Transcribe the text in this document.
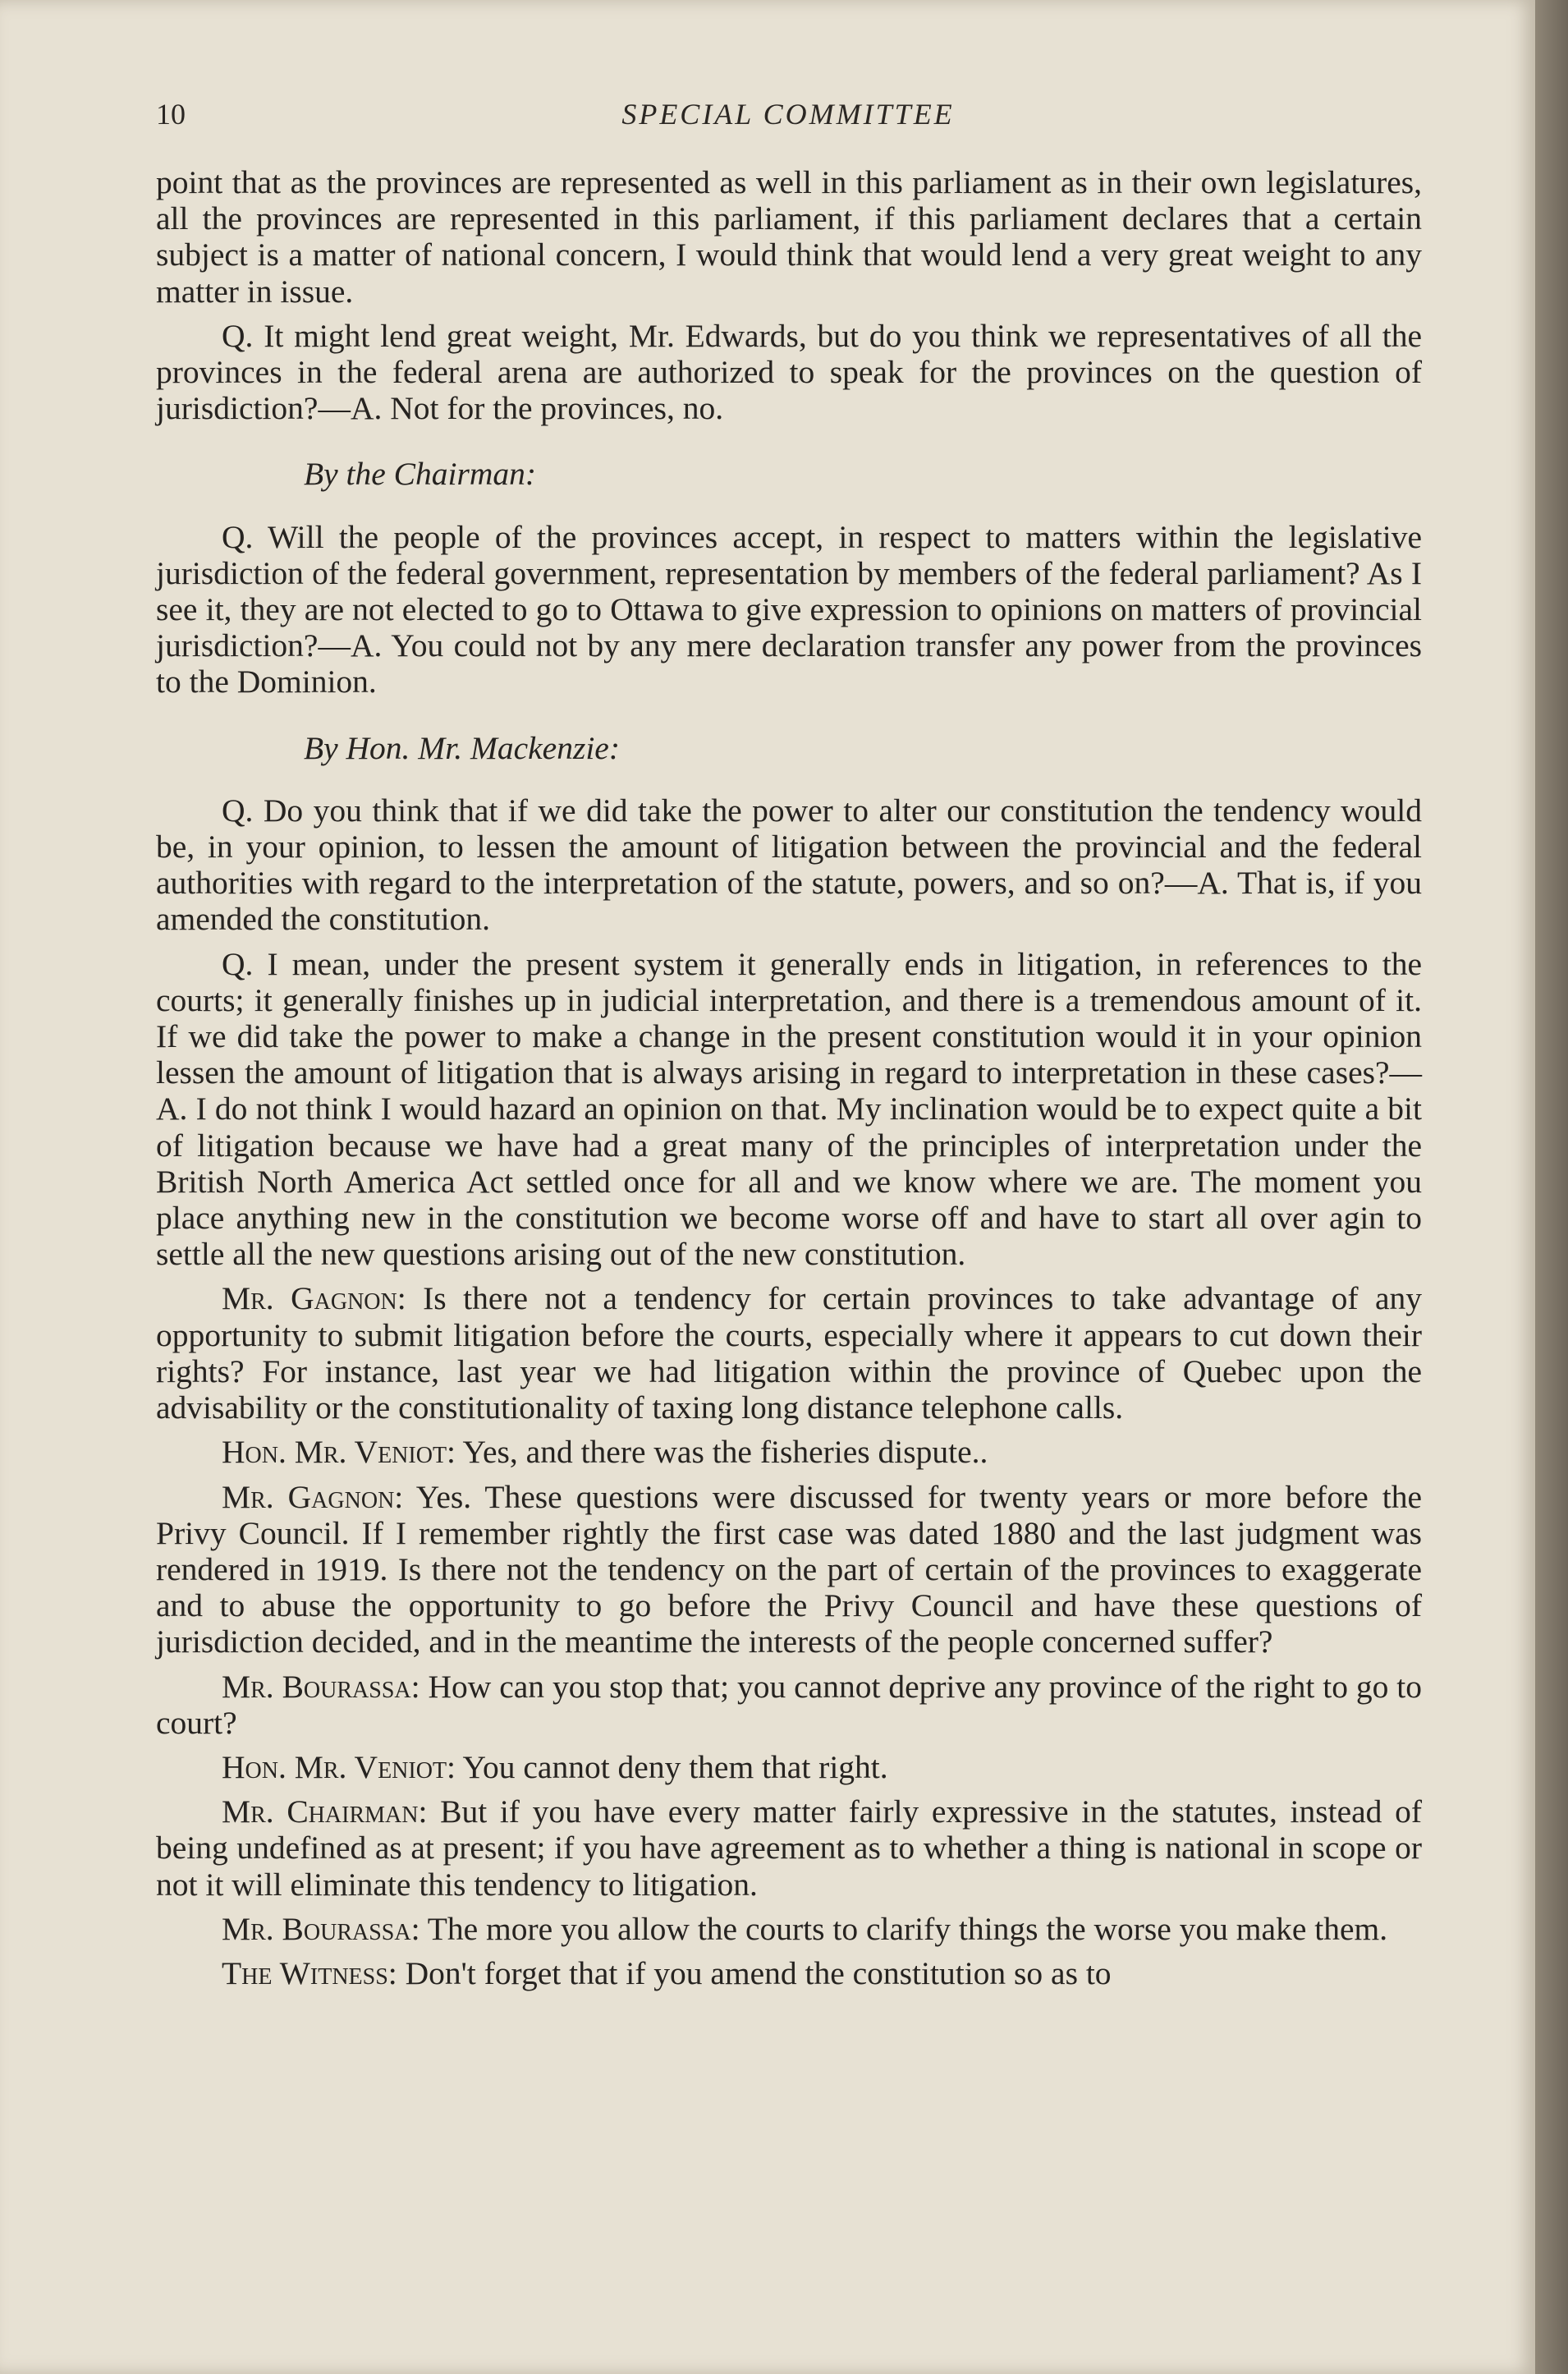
10	SPECIAL COMMITTEE

point that as the provinces are represented as well in this parliament as in their own legislatures, all the provinces are represented in this parliament, if this parliament declares that a certain subject is a matter of national concern, I would think that would lend a very great weight to any matter in issue.

Q. It might lend great weight, Mr. Edwards, but do you think we representatives of all the provinces in the federal arena are authorized to speak for the provinces on the question of jurisdiction?—A. Not for the provinces, no.

By the Chairman:

Q. Will the people of the provinces accept, in respect to matters within the legislative jurisdiction of the federal government, representation by members of the federal parliament? As I see it, they are not elected to go to Ottawa to give expression to opinions on matters of provincial jurisdiction?—A. You could not by any mere declaration transfer any power from the provinces to the Dominion.

By Hon. Mr. Mackenzie:

Q. Do you think that if we did take the power to alter our constitution the tendency would be, in your opinion, to lessen the amount of litigation between the provincial and the federal authorities with regard to the interpretation of the statute, powers, and so on?—A. That is, if you amended the constitution.

Q. I mean, under the present system it generally ends in litigation, in references to the courts; it generally finishes up in judicial interpretation, and there is a tremendous amount of it. If we did take the power to make a change in the present constitution would it in your opinion lessen the amount of litigation that is always arising in regard to interpretation in these cases?—A. I do not think I would hazard an opinion on that. My inclination would be to expect quite a bit of litigation because we have had a great many of the principles of interpretation under the British North America Act settled once for all and we know where we are. The moment you place anything new in the constitution we become worse off and have to start all over agin to settle all the new questions arising out of the new constitution.

Mr. Gagnon: Is there not a tendency for certain provinces to take advantage of any opportunity to submit litigation before the courts, especially where it appears to cut down their rights? For instance, last year we had litigation within the province of Quebec upon the advisability or the constitutionality of taxing long distance telephone calls.

Hon. Mr. Veniot: Yes, and there was the fisheries dispute..

Mr. Gagnon: Yes. These questions were discussed for twenty years or more before the Privy Council. If I remember rightly the first case was dated 1880 and the last judgment was rendered in 1919. Is there not the tendency on the part of certain of the provinces to exaggerate and to abuse the opportunity to go before the Privy Council and have these questions of jurisdiction decided, and in the meantime the interests of the people concerned suffer?

Mr. Bourassa: How can you stop that; you cannot deprive any province of the right to go to court?

Hon. Mr. Veniot: You cannot deny them that right.

Mr. Chairman: But if you have every matter fairly expressive in the statutes, instead of being undefined as at present; if you have agreement as to whether a thing is national in scope or not it will eliminate this tendency to litigation.

Mr. Bourassa: The more you allow the courts to clarify things the worse you make them.

The Witness: Don't forget that if you amend the constitution so as to
